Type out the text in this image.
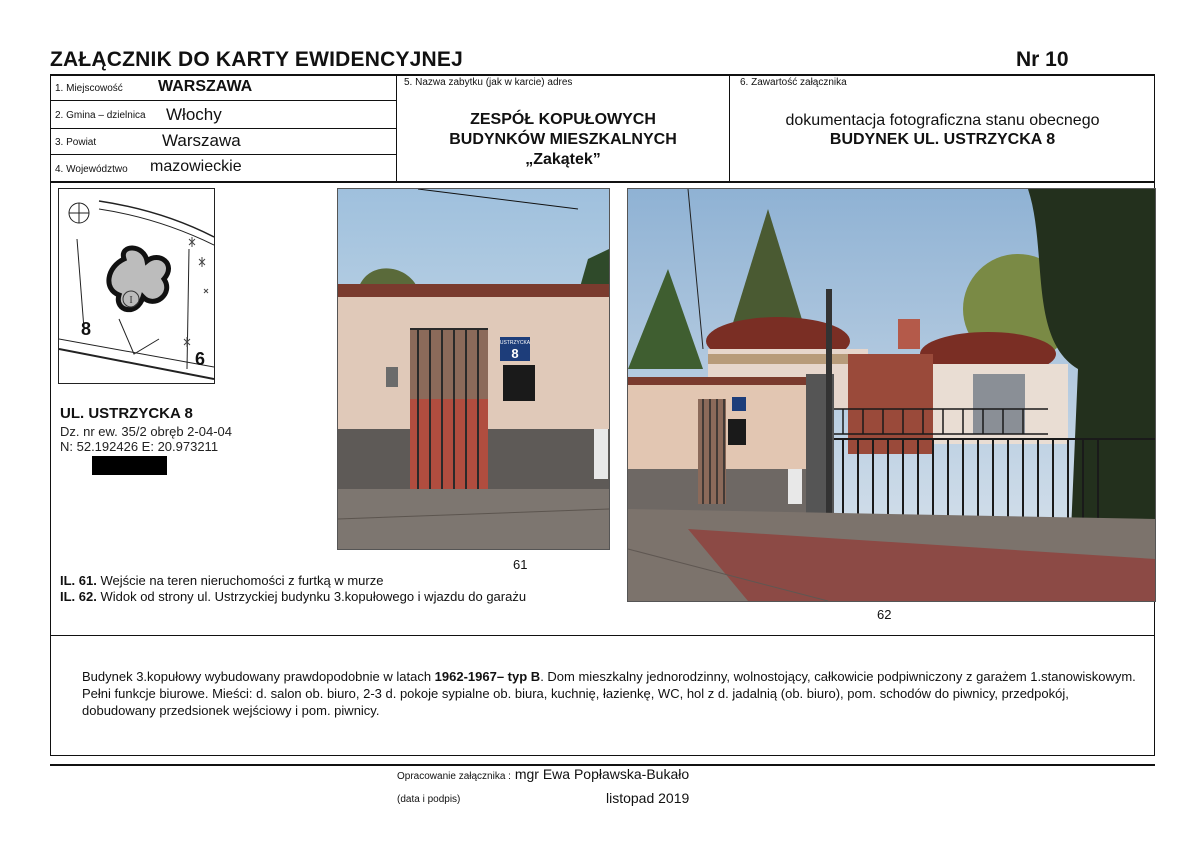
ZAŁĄCZNIK DO KARTY EWIDENCYJNEJ	Nr 10
1. Miejscowość WARSZAWA
2. Gmina – dzielnica Włochy
3. Powiat	Warszawa
4. Województwo mazowieckie
5. Nazwa zabytku (jak w karcie) adres
ZESPÓŁ KOPUŁOWYCH
BUDYNKÓW MIESZKALNYCH
„Zakątek”
6. Zawartość załącznika
dokumentacja fotograficzna stanu obecnego
BUDYNEK UL. USTRZYCKA 8
I
8
6
UL. USTRZYCKA 8
Dz. nr ew. 35/2 obręb 2-04-04
N: 52.192426 E: 20.973211
USTRZYCKA
8
61
62
IL. 61. Wejście na teren nieruchomości z furtką w murze
IL. 62. Widok od strony ul. Ustrzyckiej budynku 3.kopułowego i wjazdu do garażu
Budynek 3.kopułowy wybudowany prawdopodobnie w latach 1962-1967– typ B. Dom mieszkalny jednorodzinny, wolnostojący, całkowicie podpiwniczony z garażem 1.stanowiskowym. Pełni funkcje biurowe. Mieści: d. salon ob. biuro, 2-3 d. pokoje sypialne ob. biura, kuchnię, łazienkę, WC, hol z d. jadalnią (ob. biuro), pom. schodów do piwnicy, przedpokój, dobudowany przedsionek wejściowy i pom. piwnicy.
Opracowanie załącznika : mgr Ewa Popławska-Bukało
(data i podpis)	listopad 2019
